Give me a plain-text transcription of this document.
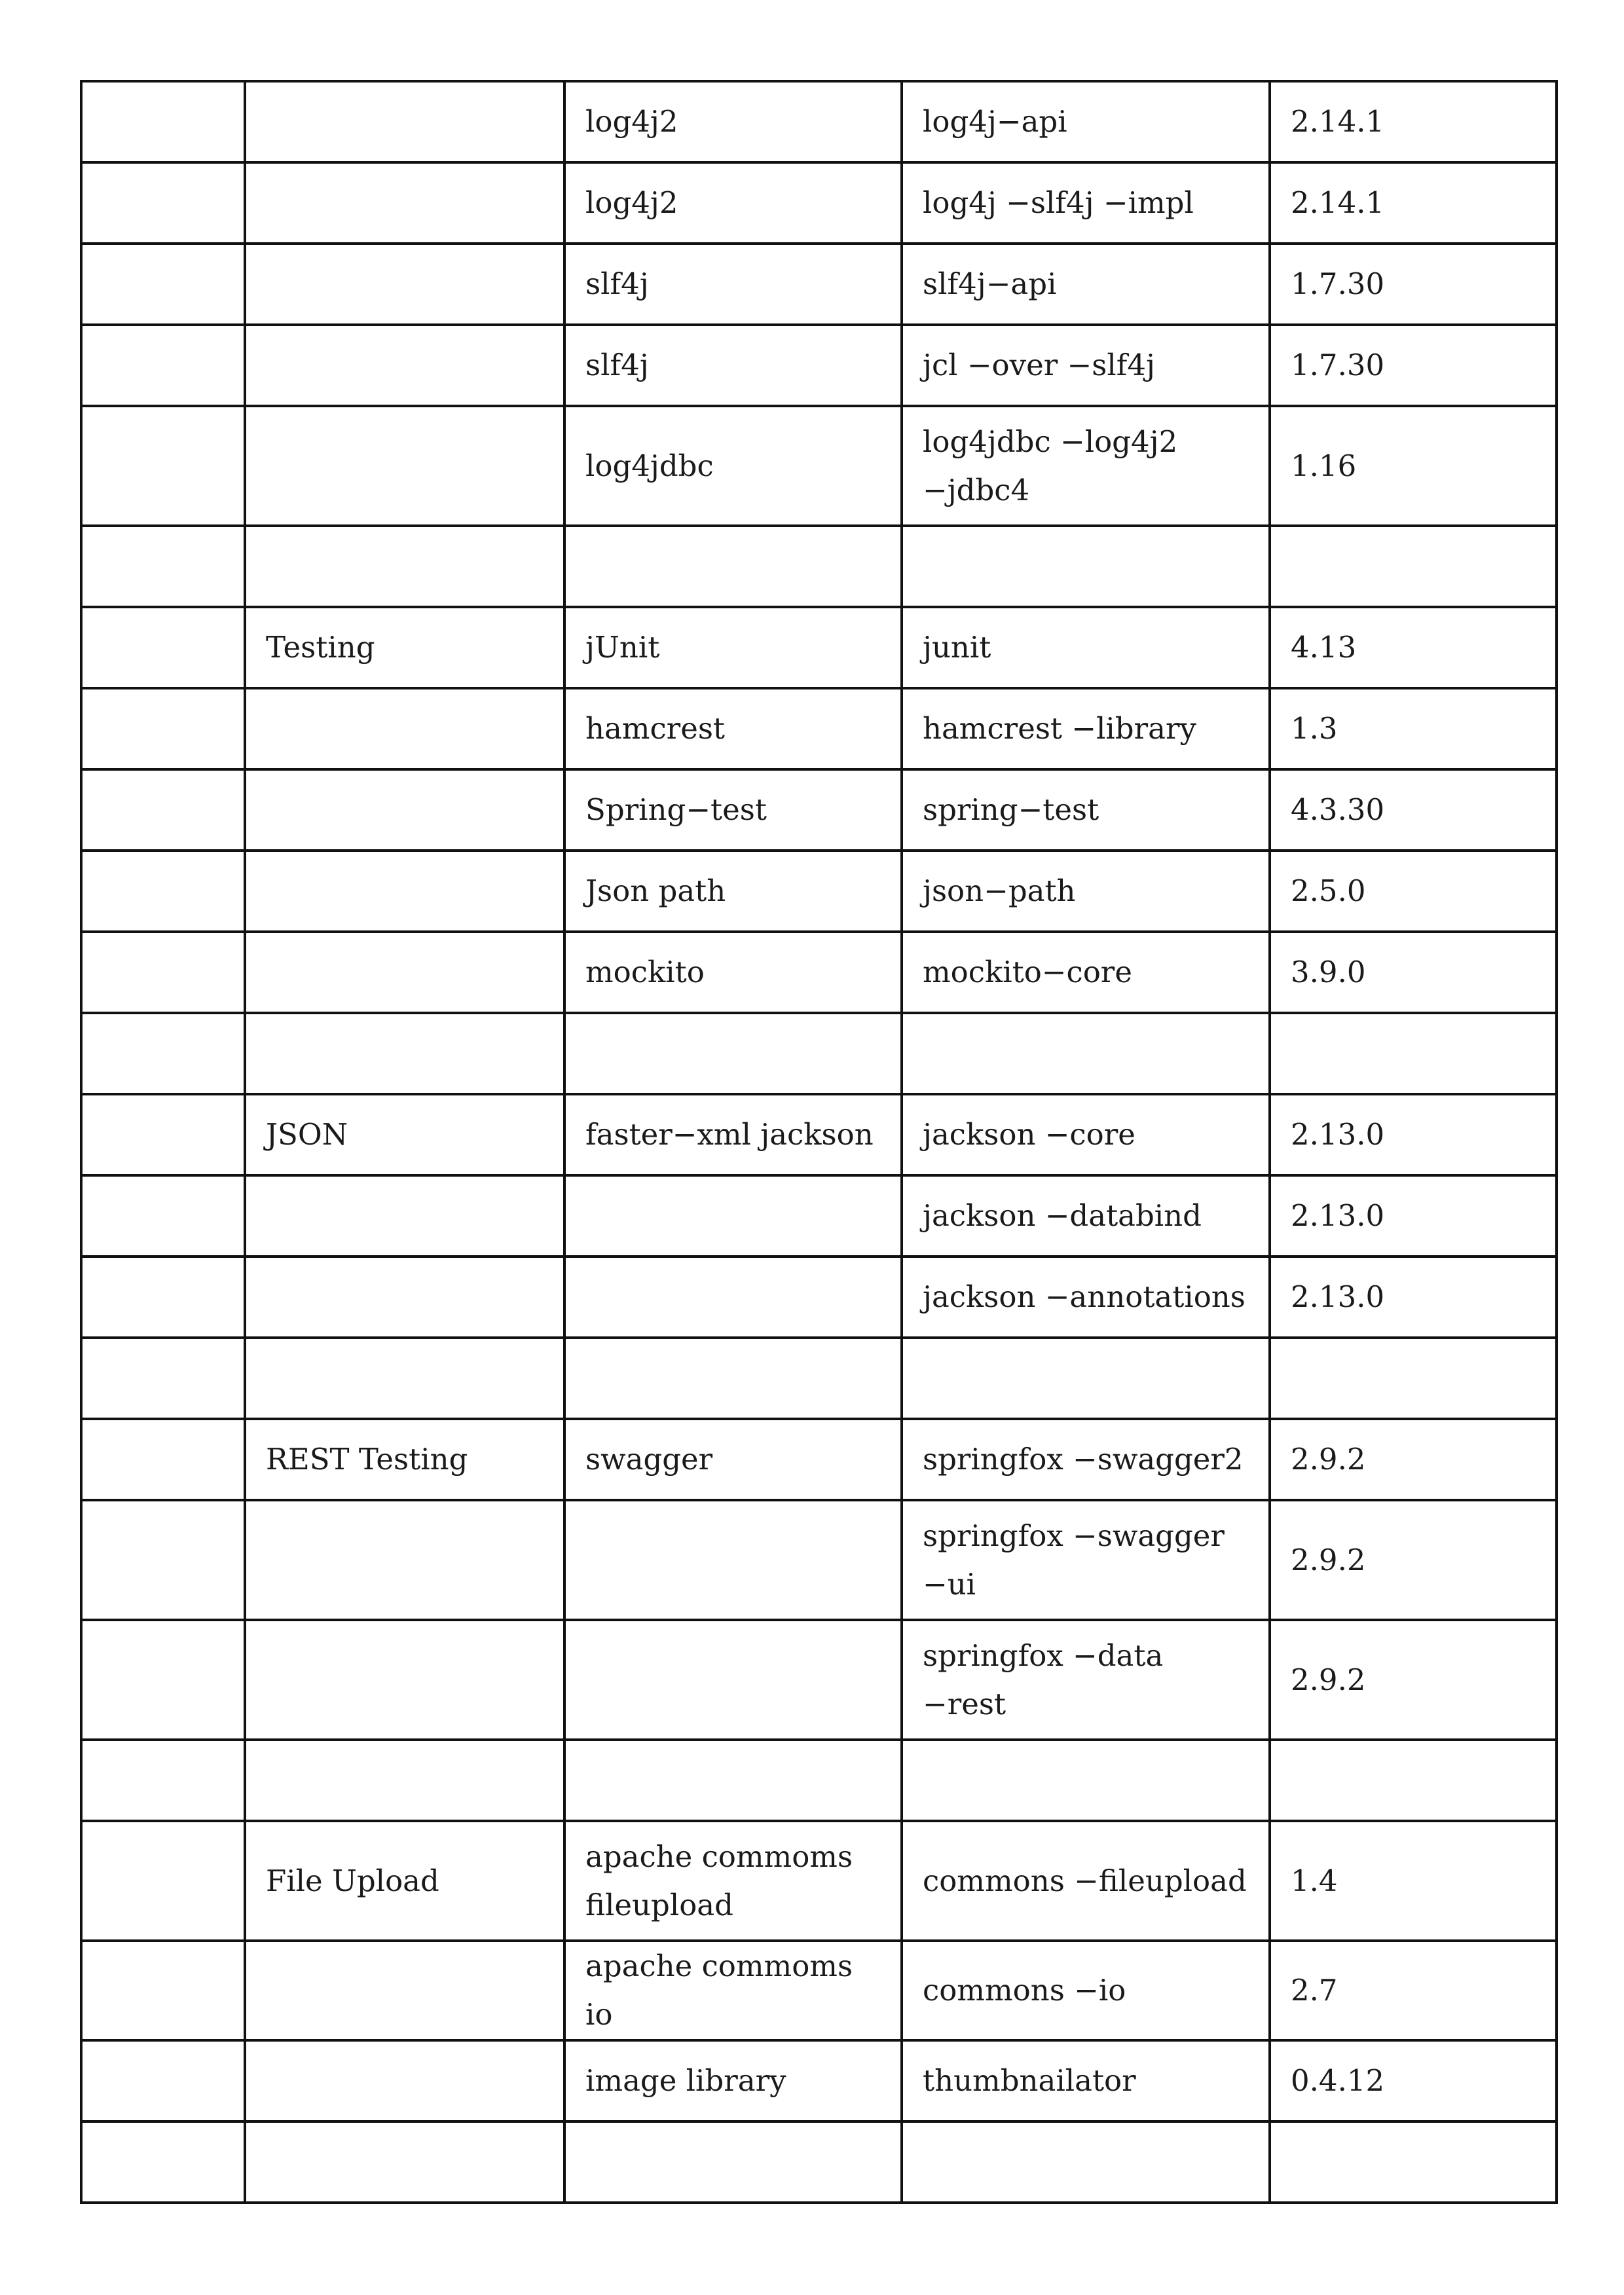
		log4j2	log4j−api	2.14.1
		log4j2	log4j −slf4j −impl	2.14.1
		slf4j	slf4j−api	1.7.30
		slf4j	jcl −over −slf4j	1.7.30
		log4jdbc	log4jdbc −log4j2 −jdbc4	1.16

	Testing	jUnit	junit	4.13
		hamcrest	hamcrest −library	1.3
		Spring−test	spring−test	4.3.30
		Json path	json−path	2.5.0
		mockito	mockito−core	3.9.0

	JSON	faster−xml jackson	jackson −core	2.13.0
			jackson −databind	2.13.0
			jackson −annotations	2.13.0

	REST Testing	swagger	springfox −swagger2	2.9.2
			springfox −swagger −ui	2.9.2
			springfox −data −rest	2.9.2

	File Upload	apache commoms fileupload	commons −fileupload	1.4
		apache commoms io	commons −io	2.7
		image library	thumbnailator	0.4.12
